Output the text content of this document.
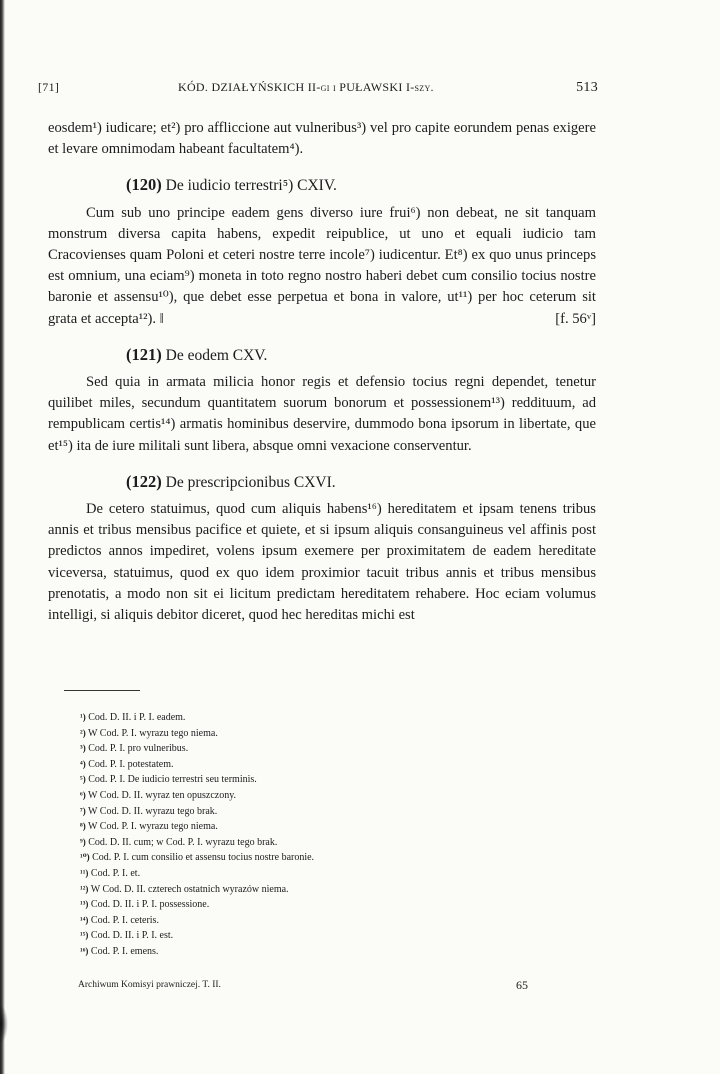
[71]	KÓD. DZIAŁYŃSKICH II-gi i PUŁAWSKI I-szy.	513

eosdem¹) iudicare; et²) pro affliccione aut vulneribus³) vel pro capite eorundem penas exigere et levare omnimodam habeant facultatem⁴).

(120) De iudicio terrestri⁵) CXIV.

Cum sub uno principe eadem gens diverso iure frui⁶) non debeat, ne sit tanquam monstrum diversa capita habens, expedit reipublice, ut uno et equali iudicio tam Cracovienses quam Poloni et ceteri nostre terre incole⁷) iudicentur. Et⁸) ex quo unus princeps est omnium, una eciam⁹) moneta in toto regno nostro haberi debet cum consilio tocius nostre baronie et assensu¹⁰), que debet esse perpetua et bona in valore, ut¹¹) per hoc ceterum sit grata et accepta¹²). ‖	[f. 56ᵛ]

(121) De eodem CXV.

Sed quia in armata milicia honor regis et defensio tocius regni dependet, tenetur quilibet miles, secundum quantitatem suorum bonorum et possessionem¹³) reddituum, ad rempublicam certis¹⁴) armatis hominibus deservire, dummodo bona ipsorum in libertate, que et¹⁵) ita de iure militali sunt libera, absque omni vexacione conserventur.

(122) De prescripcionibus CXVI.

De cetero statuimus, quod cum aliquis habens¹⁶) hereditatem et ipsam tenens tribus annis et tribus mensibus pacifice et quiete, et si ipsum aliquis consanguineus vel affinis post predictos annos impediret, volens ipsum exemere per proximitatem de eadem hereditate viceversa, statuimus, quod ex quo idem proximior tacuit tribus annis et tribus mensibus prenotatis, a modo non sit ei licitum predictam hereditatem rehabere. Hoc eciam volumus intelligi, si aliquis debitor diceret, quod hec hereditas michi est

¹) Cod. D. II. i P. I. eadem.
²) W Cod. P. I. wyrazu tego niema.
³) Cod. P. I. pro vulneribus.
⁴) Cod. P. I. potestatem.
⁵) Cod. P. I. De iudicio terrestri seu terminis.
⁶) W Cod. D. II. wyraz ten opuszczony.
⁷) W Cod. D. II. wyrazu tego brak.
⁸) W Cod. P. I. wyrazu tego niema.
⁹) Cod. D. II. cum; w Cod. P. I. wyrazu tego brak.
¹⁰) Cod. P. I. cum consilio et assensu tocius nostre baronie.
¹¹) Cod. P. I. et.
¹²) W Cod. D. II. czterech ostatnich wyrazów niema.
¹³) Cod. D. II. i P. I. possessione.
¹⁴) Cod. P. I. ceteris.
¹⁵) Cod. D. II. i P. I. est.
¹⁶) Cod. P. I. emens.
Archiwum Komisyi prawniczej. T. II.	65
